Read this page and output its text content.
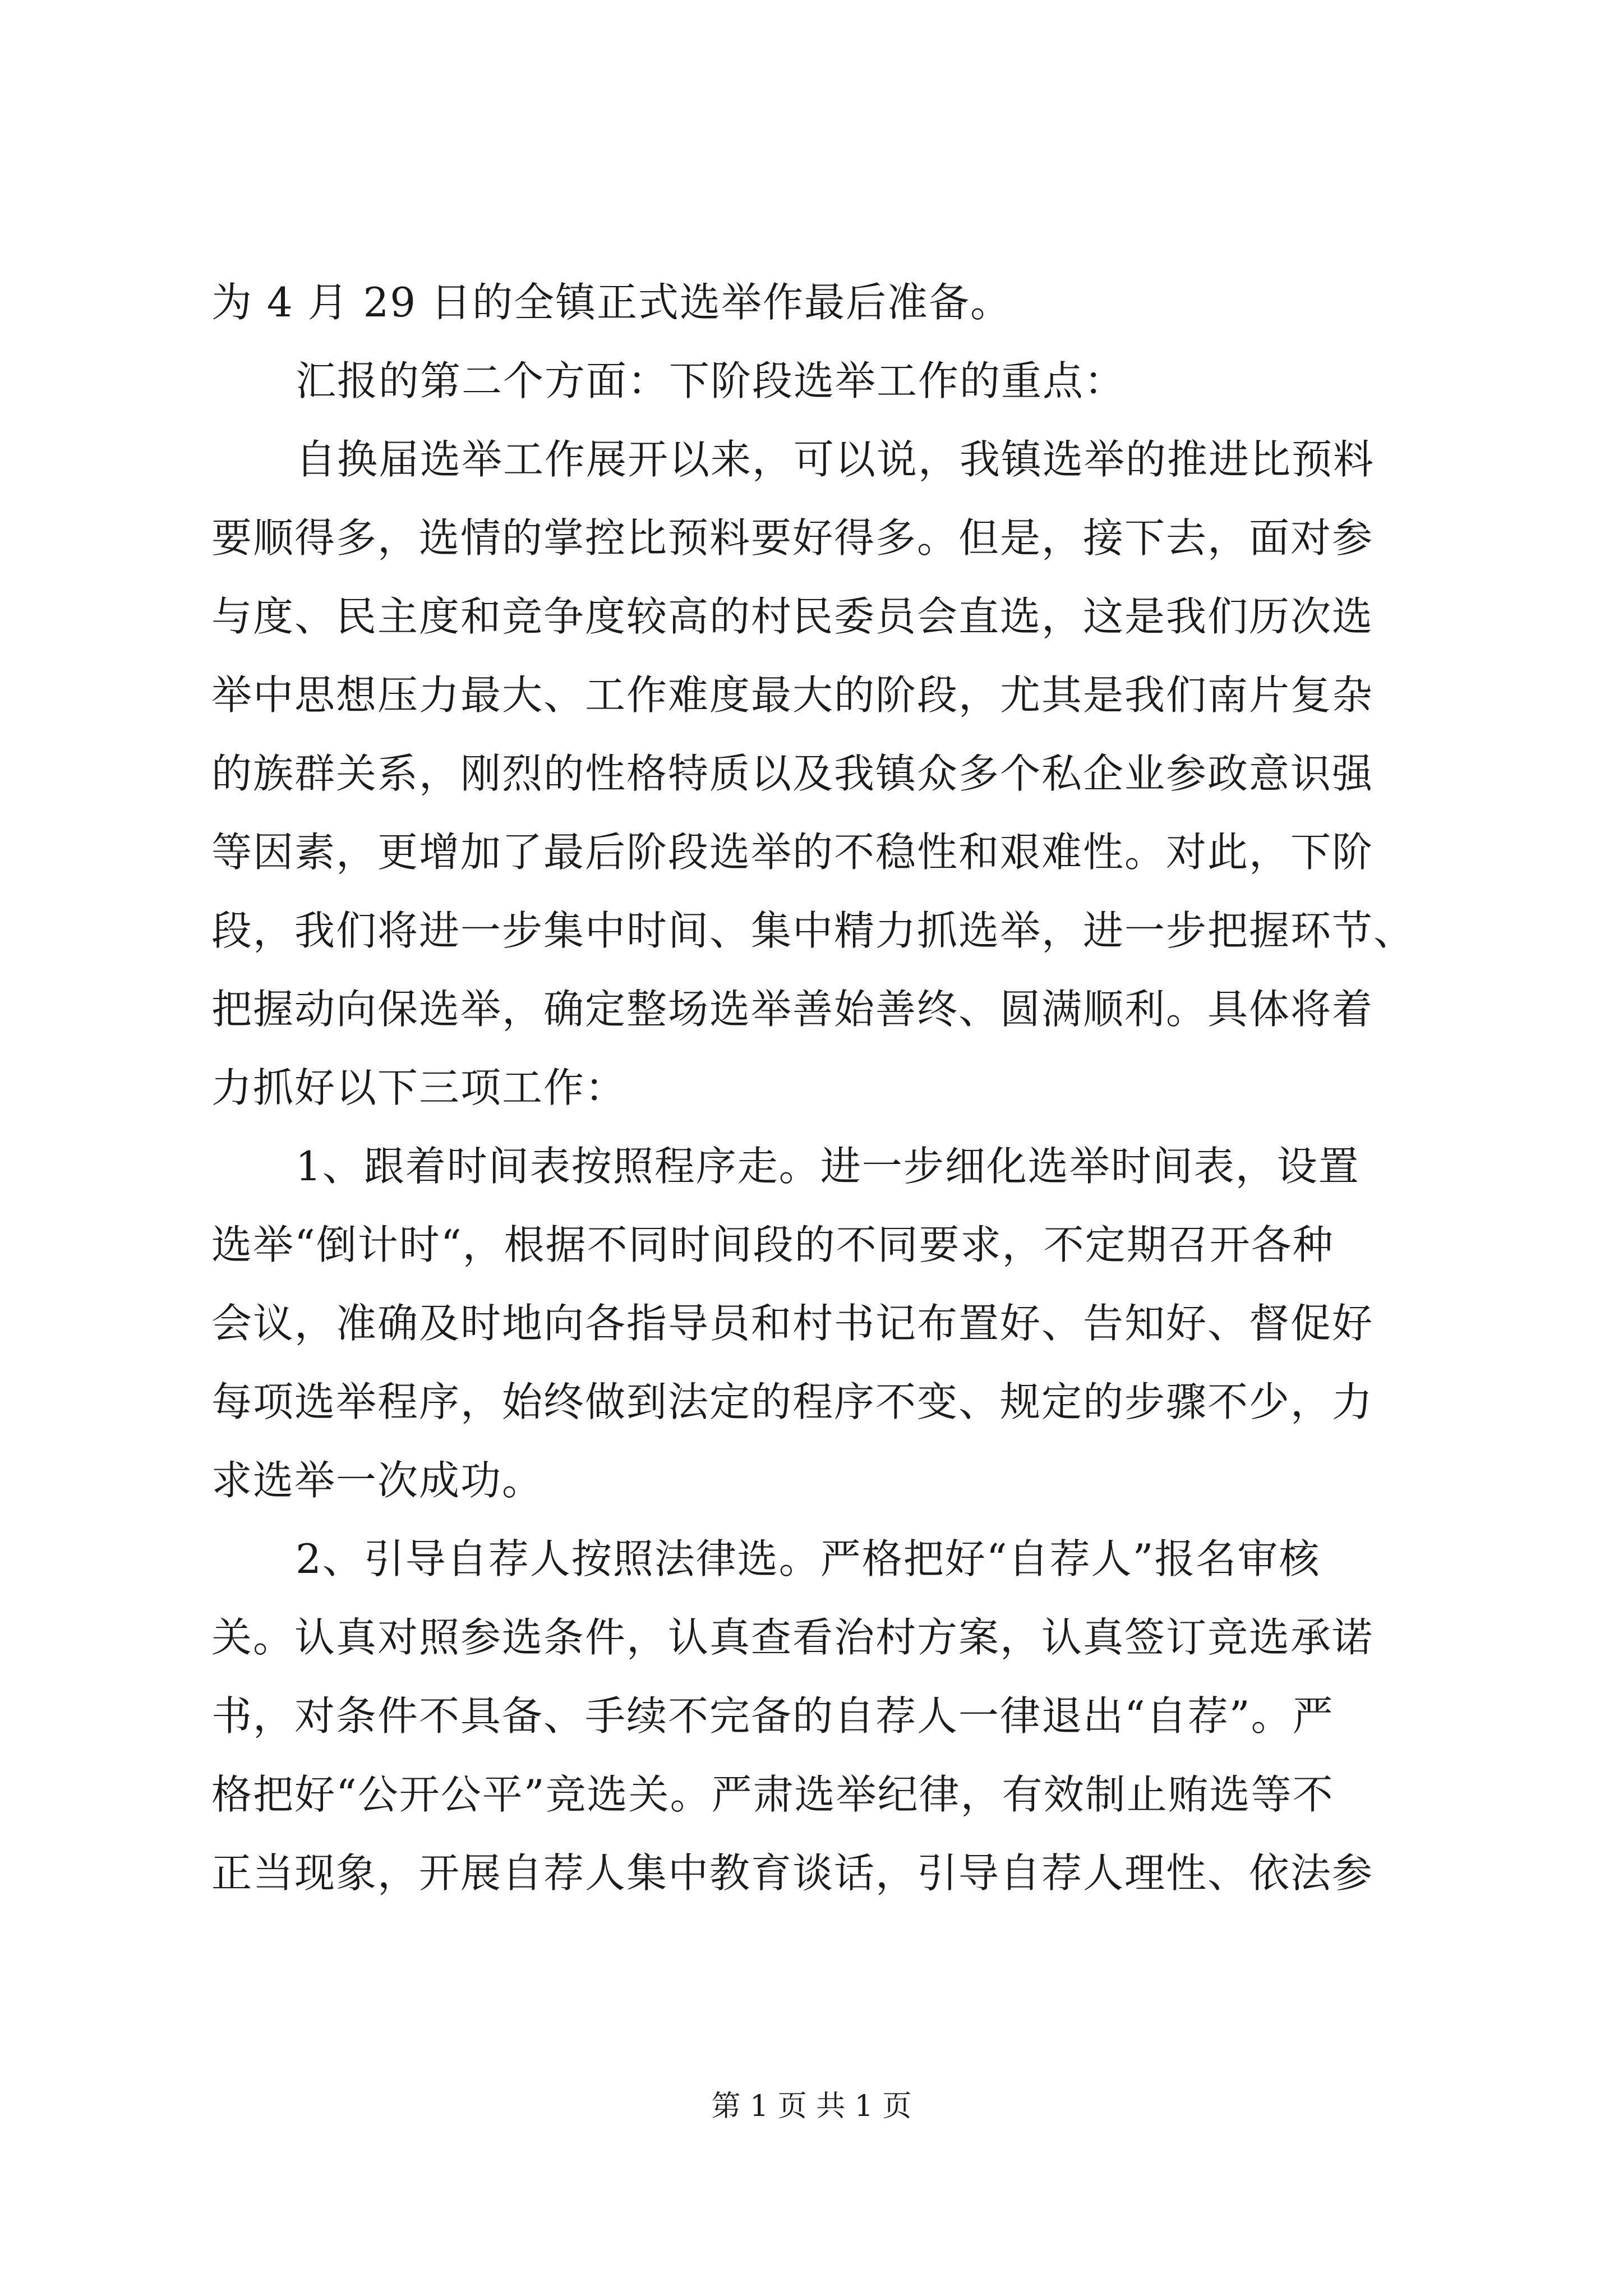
为 4 月 29 日的全镇正式选举作最后准备。
汇报的第二个方面：下阶段选举工作的重点：
自换届选举工作展开以来，可以说，我镇选举的推进比预料
要顺得多，选情的掌控比预料要好得多。但是，接下去，面对参
与度、民主度和竞争度较高的村民委员会直选，这是我们历次选
举中思想压力最大、工作难度最大的阶段，尤其是我们南片复杂
的族群关系，刚烈的性格特质以及我镇众多个私企业参政意识强
等因素，更增加了最后阶段选举的不稳性和艰难性。对此，下阶
段，我们将进一步集中时间、集中精力抓选举，进一步把握环节、
把握动向保选举，确定整场选举善始善终、圆满顺利。具体将着
力抓好以下三项工作：
1、跟着时间表按照程序走。进一步细化选举时间表，设置
选举“倒计时“，根据不同时间段的不同要求，不定期召开各种
会议，准确及时地向各指导员和村书记布置好、告知好、督促好
每项选举程序，始终做到法定的程序不变、规定的步骤不少，力
求选举一次成功。
2、引导自荐人按照法律选。严格把好“自荐人”报名审核
关。认真对照参选条件，认真查看治村方案，认真签订竞选承诺
书，对条件不具备、手续不完备的自荐人一律退出“自荐”。严
格把好“公开公平”竞选关。严肃选举纪律，有效制止贿选等不
正当现象，开展自荐人集中教育谈话，引导自荐人理性、依法参
第 1 页 共 1 页
